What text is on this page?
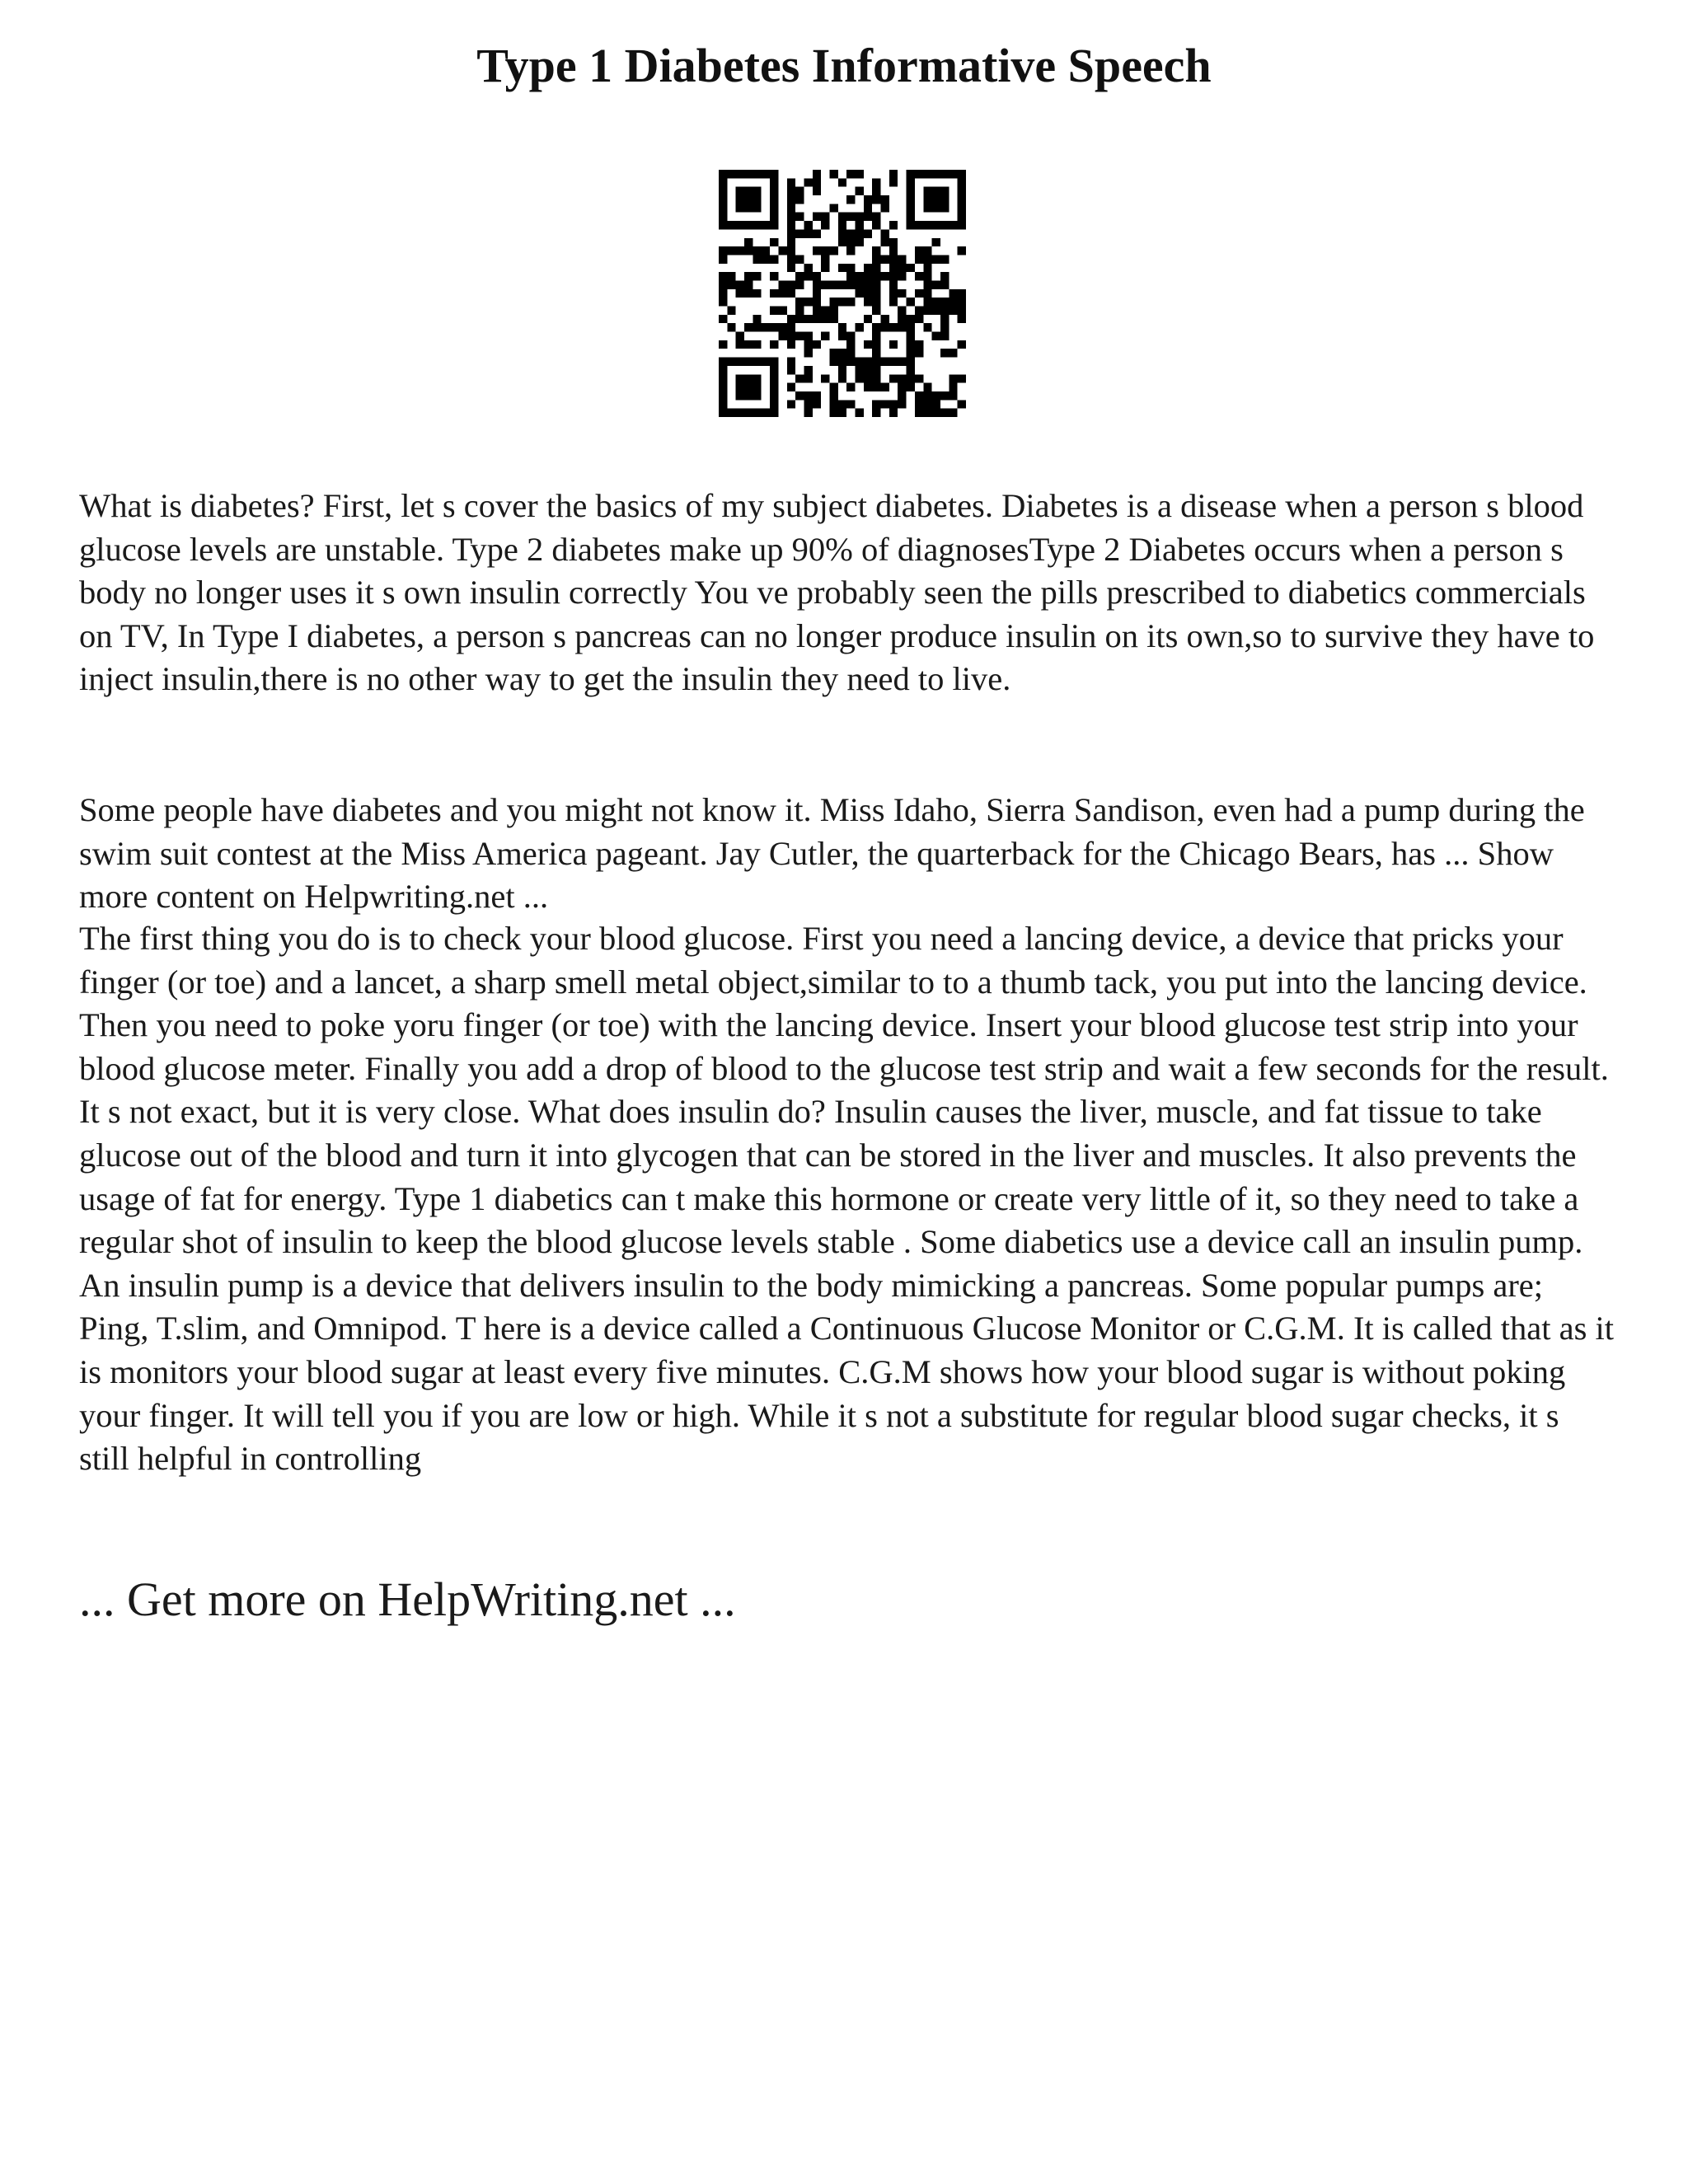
Type 1 Diabetes Informative Speech

What is diabetes? First, let s cover the basics of my subject diabetes. Diabetes is a disease when a person s blood glucose levels are unstable. Type 2 diabetes make up 90% of diagnosesType 2 Diabetes occurs when a person s body no longer uses it s own insulin correctly You ve probably seen the pills prescribed to diabetics commercials on TV, In Type I diabetes, a person s pancreas can no longer produce insulin on its own,so to survive they have to inject insulin,there is no other way to get the insulin they need to live.

Some people have diabetes and you might not know it. Miss Idaho, Sierra Sandison, even had a pump during the swim suit contest at the Miss America pageant. Jay Cutler, the quarterback for the Chicago Bears, has ... Show more content on Helpwriting.net ...

The first thing you do is to check your blood glucose. First you need a lancing device, a device that pricks your finger (or toe) and a lancet, a sharp smell metal object,similar to to a thumb tack, you put into the lancing device. Then you need to poke yoru finger (or toe) with the lancing device. Insert your blood glucose test strip into your blood glucose meter. Finally you add a drop of blood to the glucose test strip and wait a few seconds for the result. It s not exact, but it is very close. What does insulin do? Insulin causes the liver, muscle, and fat tissue to take glucose out of the blood and turn it into glycogen that can be stored in the liver and muscles. It also prevents the usage of fat for energy. Type 1 diabetics can t make this hormone or create very little of it, so they need to take a regular shot of insulin to keep the blood glucose levels stable . Some diabetics use a device call an insulin pump. An insulin pump is a device that delivers insulin to the body mimicking a pancreas. Some popular pumps are; Ping, T.slim, and Omnipod. T here is a device called a Continuous Glucose Monitor or C.G.M. It is called that as it is monitors your blood sugar at least every five minutes. C.G.M shows how your blood sugar is without poking your finger. It will tell you if you are low or high. While it s not a substitute for regular blood sugar checks, it s still helpful in controlling

... Get more on HelpWriting.net ...
